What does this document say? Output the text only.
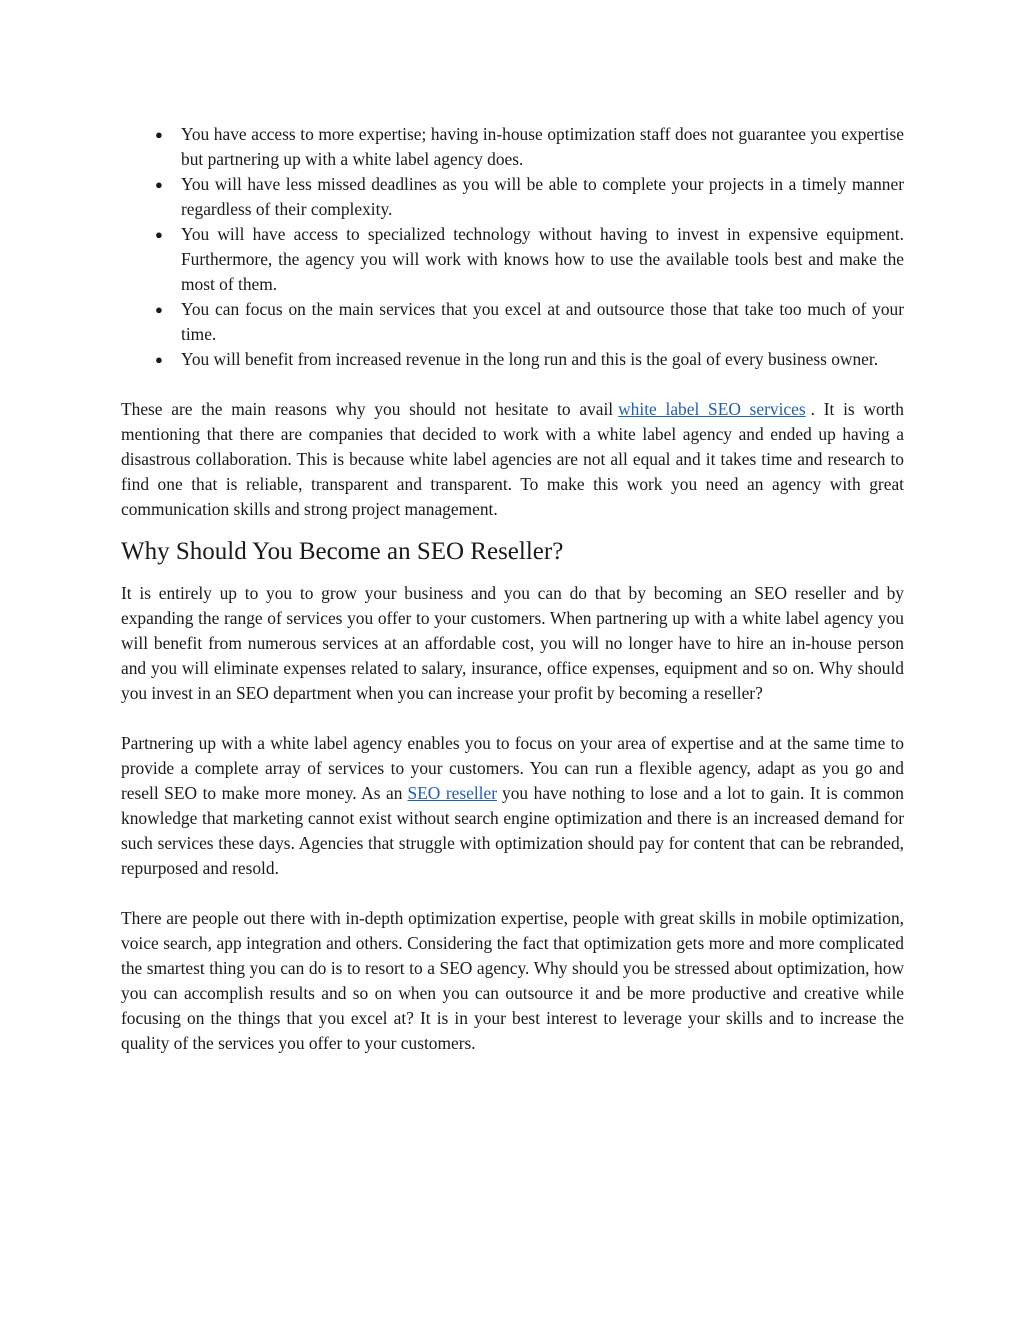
● You have access to more expertise; having in-house optimization staff does not guarantee you expertise but partnering up with a white label agency does.
● You will have less missed deadlines as you will be able to complete your projects in a timely manner regardless of their complexity.
● You will have access to specialized technology without having to invest in expensive equipment. Furthermore, the agency you will work with knows how to use the available tools best and make the most of them.
● You can focus on the main services that you excel at and outsource those that take too much of your time.
● You will benefit from increased revenue in the long run and this is the goal of every business owner.

These are the main reasons why you should not hesitate to avail white label SEO services . It is worth mentioning that there are companies that decided to work with a white label agency and ended up having a disastrous collaboration. This is because white label agencies are not all equal and it takes time and research to find one that is reliable, transparent and transparent. To make this work you need an agency with great communication skills and strong project management.

Why Should You Become an SEO Reseller?

It is entirely up to you to grow your business and you can do that by becoming an SEO reseller and by expanding the range of services you offer to your customers. When partnering up with a white label agency you will benefit from numerous services at an affordable cost, you will no longer have to hire an in-house person and you will eliminate expenses related to salary, insurance, office expenses, equipment and so on. Why should you invest in an SEO department when you can increase your profit by becoming a reseller?

Partnering up with a white label agency enables you to focus on your area of expertise and at the same time to provide a complete array of services to your customers. You can run a flexible agency, adapt as you go and resell SEO to make more money. As an SEO reseller you have nothing to lose and a lot to gain. It is common knowledge that marketing cannot exist without search engine optimization and there is an increased demand for such services these days. Agencies that struggle with optimization should pay for content that can be rebranded, repurposed and resold.

There are people out there with in-depth optimization expertise, people with great skills in mobile optimization, voice search, app integration and others. Considering the fact that optimization gets more and more complicated the smartest thing you can do is to resort to a SEO agency. Why should you be stressed about optimization, how you can accomplish results and so on when you can outsource it and be more productive and creative while focusing on the things that you excel at? It is in your best interest to leverage your skills and to increase the quality of the services you offer to your customers.
